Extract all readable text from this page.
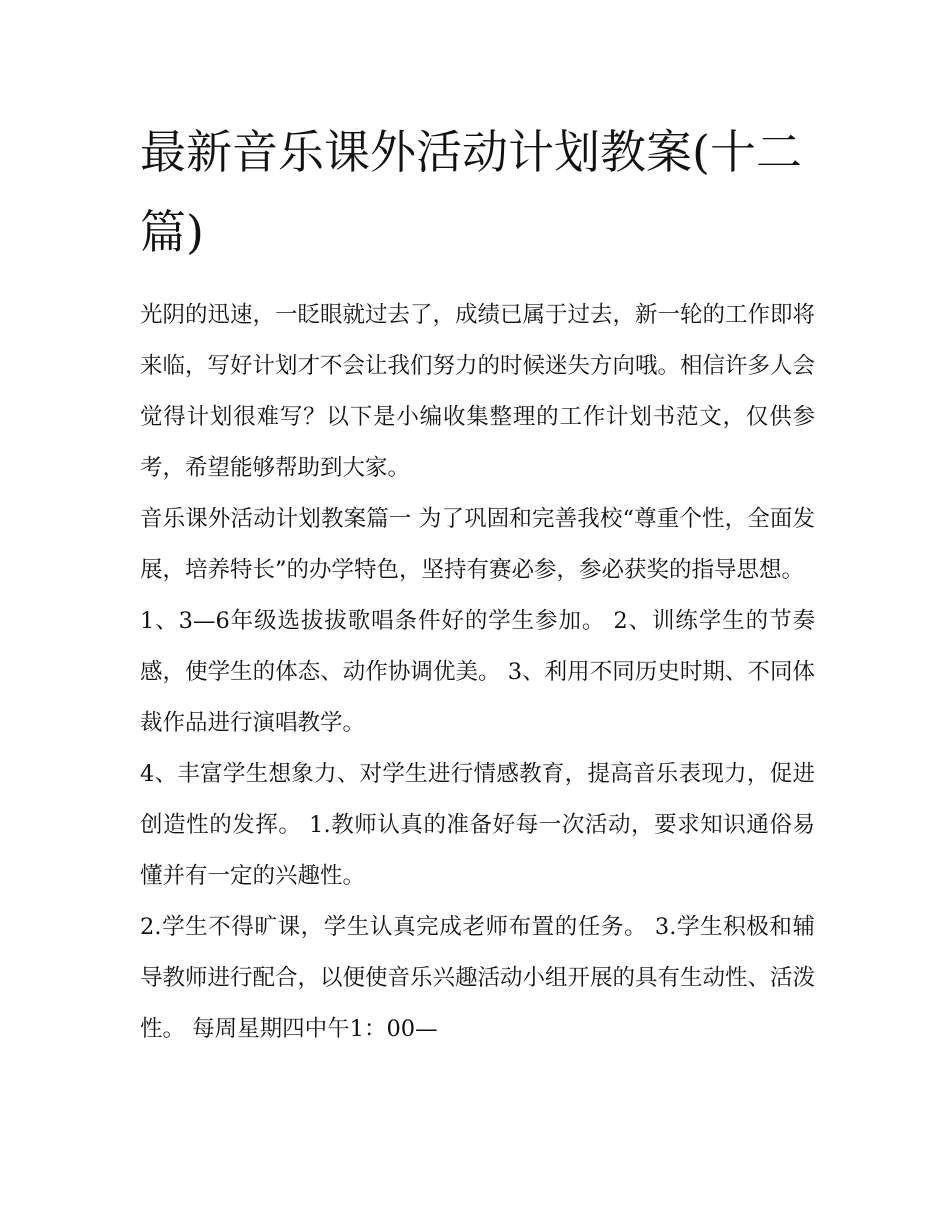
最新音乐课外活动计划教案(十二篇)

光阴的迅速，一眨眼就过去了，成绩已属于过去，新一轮的工作即将来临，写好计划才不会让我们努力的时候迷失方向哦。相信许多人会觉得计划很难写？以下是小编收集整理的工作计划书范文，仅供参考，希望能够帮助到大家。

音乐课外活动计划教案篇一 为了巩固和完善我校“尊重个性，全面发展，培养特长”的办学特色，坚持有赛必参，参必获奖的指导思想。

1、3—6年级选拔拔歌唱条件好的学生参加。 2、训练学生的节奏感，使学生的体态、动作协调优美。 3、利用不同历史时期、不同体裁作品进行演唱教学。

4、丰富学生想象力、对学生进行情感教育，提高音乐表现力，促进创造性的发挥。 1.教师认真的准备好每一次活动，要求知识通俗易懂并有一定的兴趣性。

2.学生不得旷课，学生认真完成老师布置的任务。 3.学生积极和辅导教师进行配合，以便使音乐兴趣活动小组开展的具有生动性、活泼性。 每周星期四中午1：00—
